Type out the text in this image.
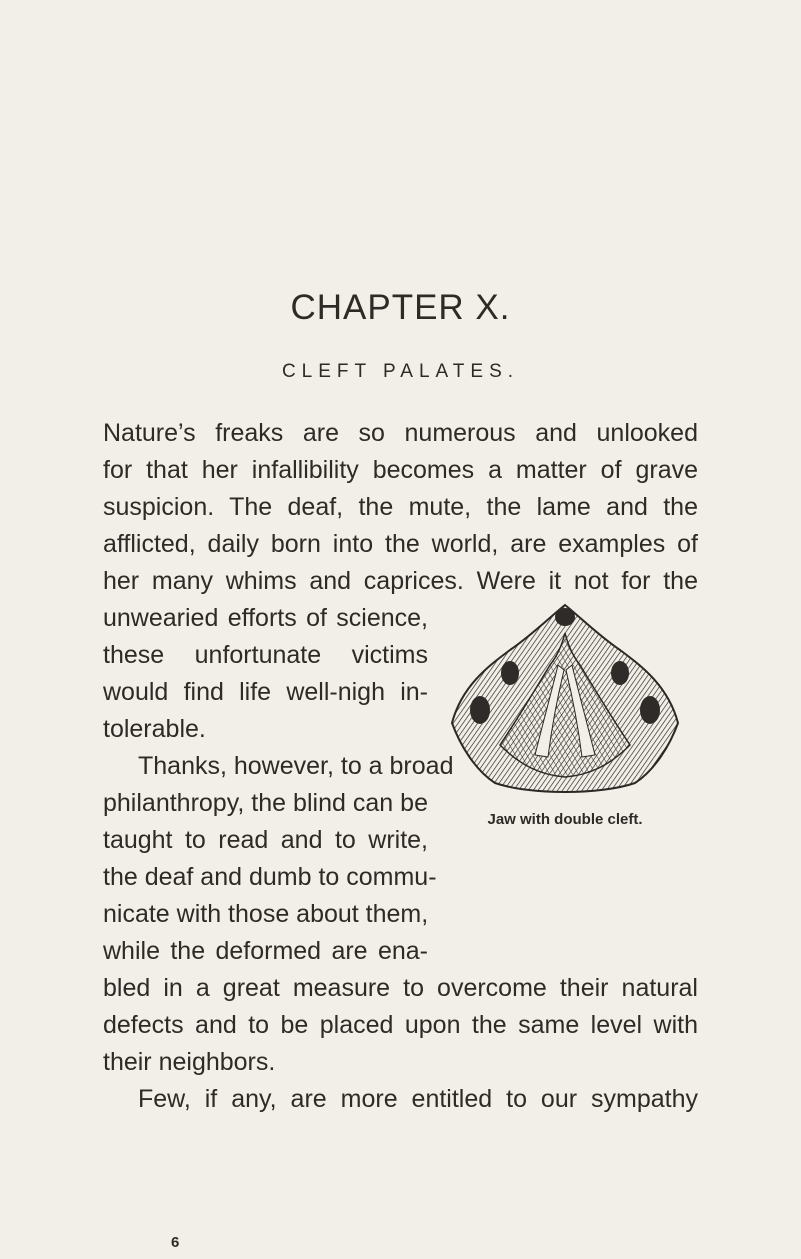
CHAPTER X.
CLEFT PALATES.
Nature’s freaks are so numerous and unlooked
for that her infallibility becomes a matter of grave
suspicion. The deaf, the mute, the lame and the
afflicted, daily born into the world, are examples of
her many whims and caprices. Were it not for the
unwearied efforts of science,
these unfortunate victims
would find life well-nigh in-
tolerable.
Thanks, however, to a broad
philanthropy, the blind can be
taught to read and to write,
the deaf and dumb to commu-
nicate with those about them,
while the deformed are ena-
bled in a great measure to overcome their natural
defects and to be placed upon the same level with
their neighbors.
Few, if any, are more entitled to our sympathy
Jaw with double cleft.
6
